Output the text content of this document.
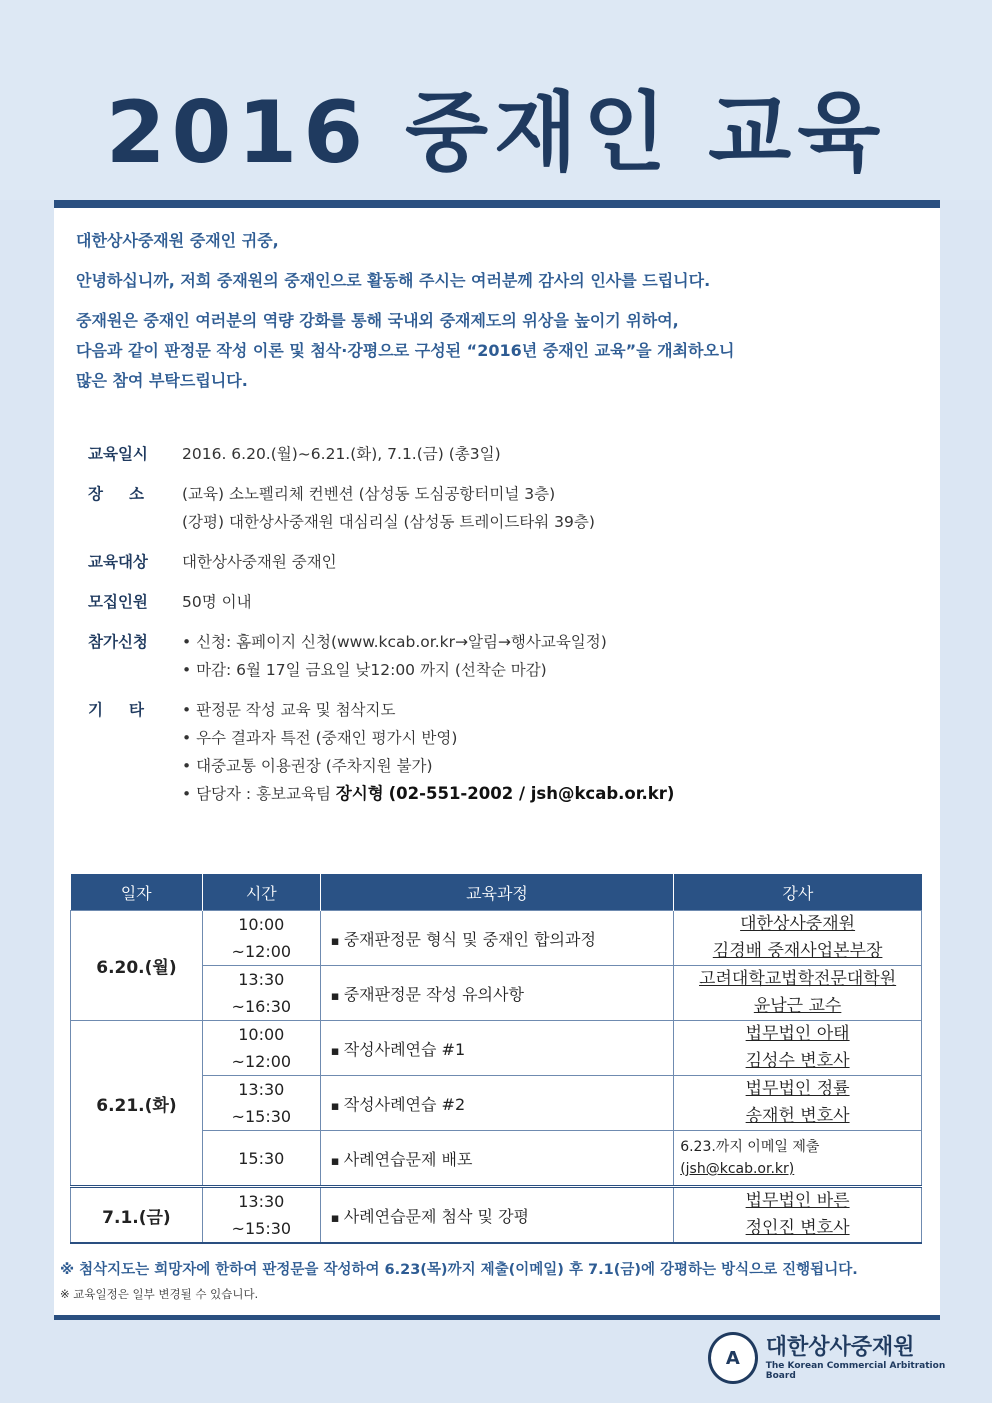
2016 중재인 교육

대한상사중재원 중재인 귀중,

안녕하십니까, 저희 중재원의 중재인으로 활동해 주시는 여러분께 감사의 인사를 드립니다.

중재원은 중재인 여러분의 역량 강화를 통해 국내외 중재제도의 위상을 높이기 위하여,
다음과 같이 판정문 작성 이론 및 첨삭·강평으로 구성된 “2016년 중재인 교육”을 개최하오니
많은 참여 부탁드립니다.

교육일시	2016. 6.20.(월)~6.21.(화), 7.1.(금) (총3일)
장소 (교육) 소노펠리체 컨벤션 (삼성동 도심공항터미널 3층)
(강평) 대한상사중재원 대심리실 (삼성동 트레이드타워 39층)
교육대상	대한상사중재원 중재인
모집인원	50명 이내
참가신청	• 신청: 홈페이지 신청(www.kcab.or.kr→알림→행사교육일정)
• 마감: 6월 17일 금요일 낮12:00 까지 (선착순 마감)
기타	• 판정문 작성 교육 및 첨삭지도
• 우수 결과자 특전 (중재인 평가시 반영)
• 대중교통 이용권장 (주차지원 불가)
• 담당자 : 홍보교육팀 장시형 (02-551-2002 / jsh@kcab.or.kr)
일자	시간	교육과정	강사
6.20.(월)	10:00
~12:00	▪ 중재판정문 형식 및 중재인 합의과정	대한상사중재원
김경배 중재사업본부장

	13:30
~16:30	▪ 중재판정문 작성 유의사항	고려대학교법학전문대학원
윤남근 교수

6.21.(화)	10:00
~12:00	▪ 작성사례연습 #1	법무법인 아태
김성수 변호사

	13:30
~15:30	▪ 작성사례연습 #2	법무법인 정률
송재헌 변호사

	15:30	▪ 사례연습문제 배포	6.23.까지 이메일 제출
(jsh@kcab.or.kr)

7.1.(금)	13:30
~15:30	▪ 사례연습문제 첨삭 및 강평	법무법인 바른
정인진 변호사
※ 첨삭지도는 희망자에 한하여 판정문을 작성하여 6.23(목)까지 제출(이메일) 후 7.1(금)에 강평하는 방식으로 진행됩니다.
※ 교육일정은 일부 변경될 수 있습니다.
A	대한상사중재원
The Korean Commercial Arbitration Board
